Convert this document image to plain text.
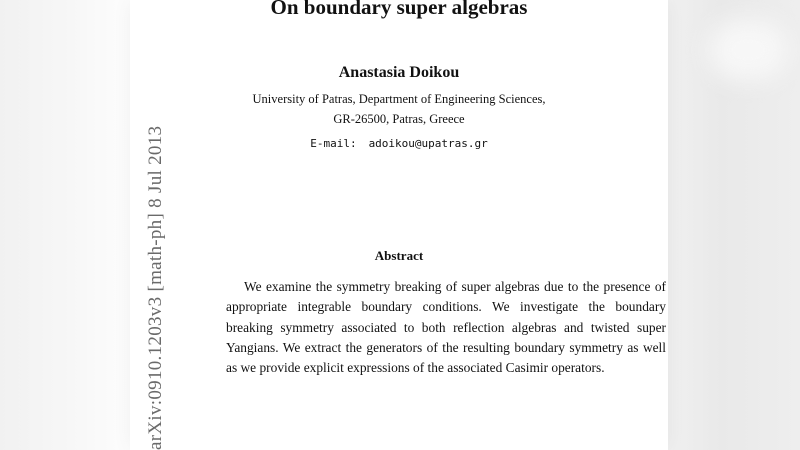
arXiv:0910.1203v3 [math-ph] 8 Jul 2013
On boundary super algebras
Anastasia Doikou
University of Patras, Department of Engineering Sciences,
GR-26500, Patras, Greece
E-mail: adoikou@upatras.gr
Abstract

We examine the symmetry breaking of super algebras due to the presence of appropriate integrable boundary conditions. We investigate the boundary breaking symmetry associated to both reflection algebras and twisted super Yangians. We extract the generators of the resulting boundary symmetry as well as we provide explicit expressions of the associated Casimir operators.
